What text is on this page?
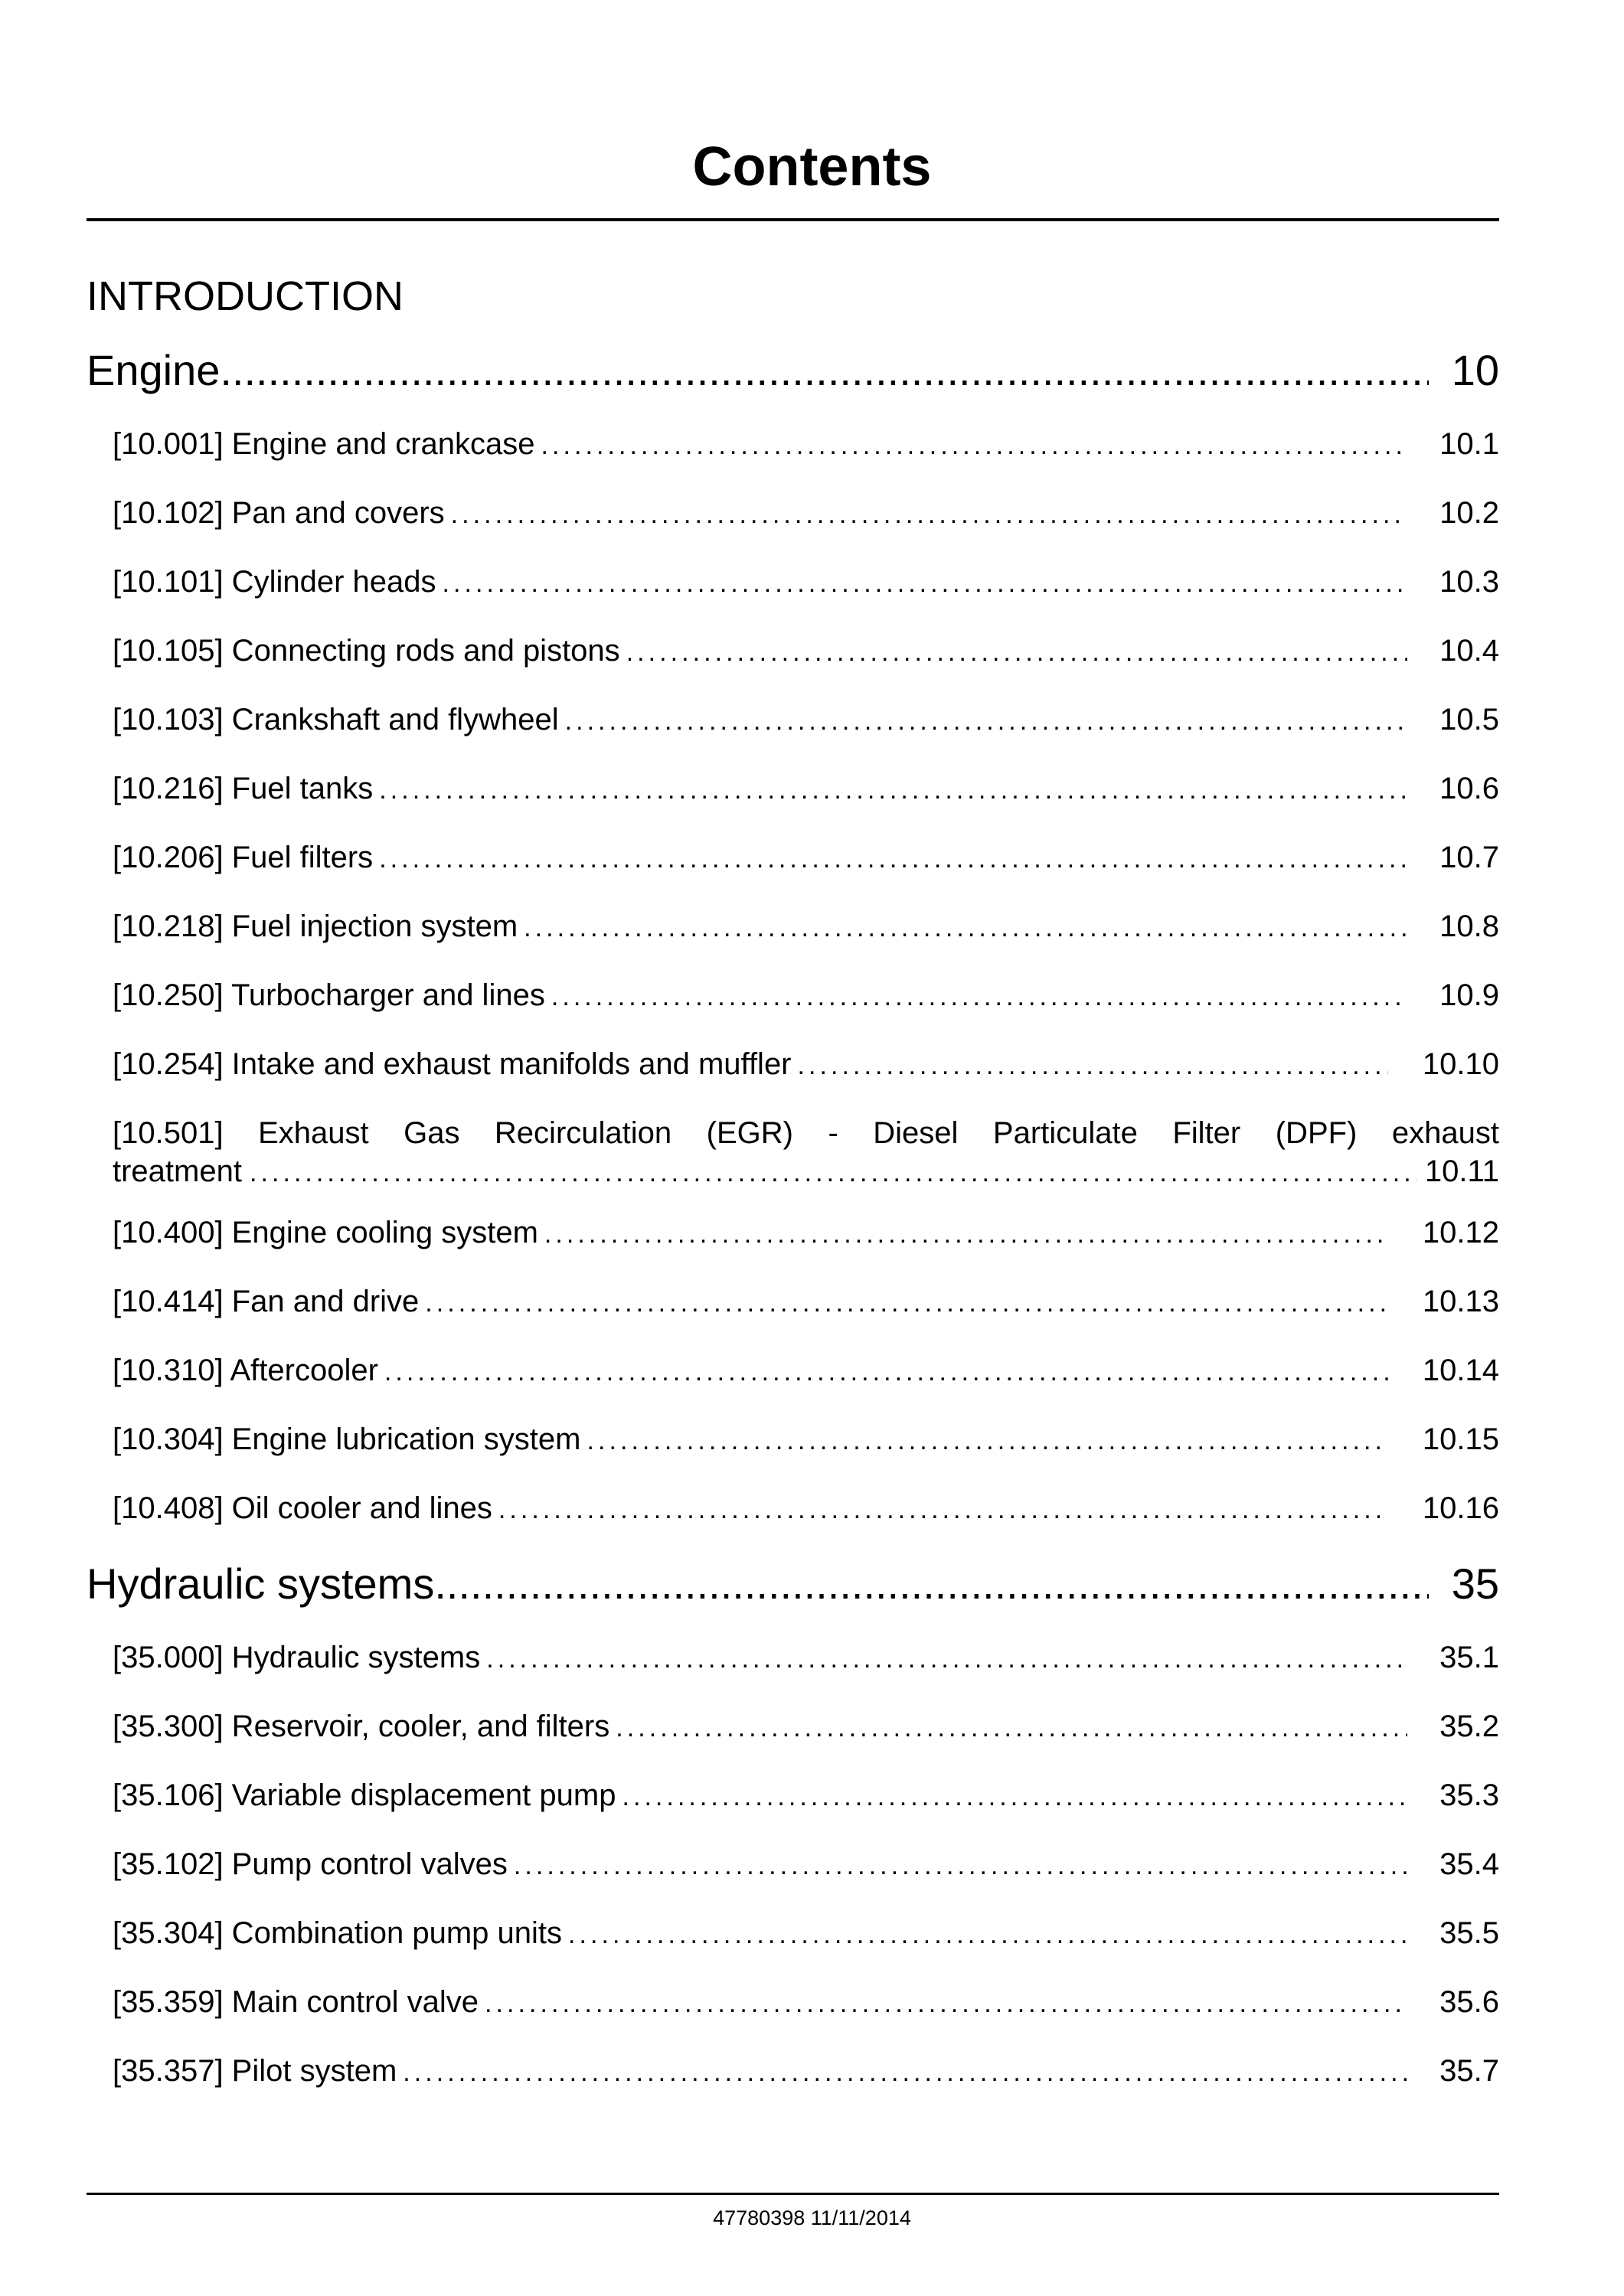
Contents
INTRODUCTION
Engine .....	10
[10.001] Engine and crankcase . . .	10.1
[10.102] Pan and covers . . .	10.2
[10.101] Cylinder heads . . .	10.3
[10.105] Connecting rods and pistons . . .	10.4
[10.103] Crankshaft and flywheel . . .	10.5
[10.216] Fuel tanks . . .	10.6
[10.206] Fuel filters . . .	10.7
[10.218] Fuel injection system . . .	10.8
[10.250] Turbocharger and lines . . .	10.9
[10.254] Intake and exhaust manifolds and muffler . . .	10.10
[10.501] Exhaust Gas Recirculation (EGR) - Diesel Particulate Filter (DPF) exhaust
treatment . . .	10.11
[10.400] Engine cooling system . . .	10.12
[10.414] Fan and drive . . .	10.13
[10.310] Aftercooler . . .	10.14
[10.304] Engine lubrication system . . .	10.15
[10.408] Oil cooler and lines . . .	10.16
Hydraulic systems .....	35
[35.000] Hydraulic systems . . .	35.1
[35.300] Reservoir, cooler, and filters . . .	35.2
[35.106] Variable displacement pump . . .	35.3
[35.102] Pump control valves . . .	35.4
[35.304] Combination pump units . . .	35.5
[35.359] Main control valve . . .	35.6
[35.357] Pilot system . . .	35.7
47780398 11/11/2014
